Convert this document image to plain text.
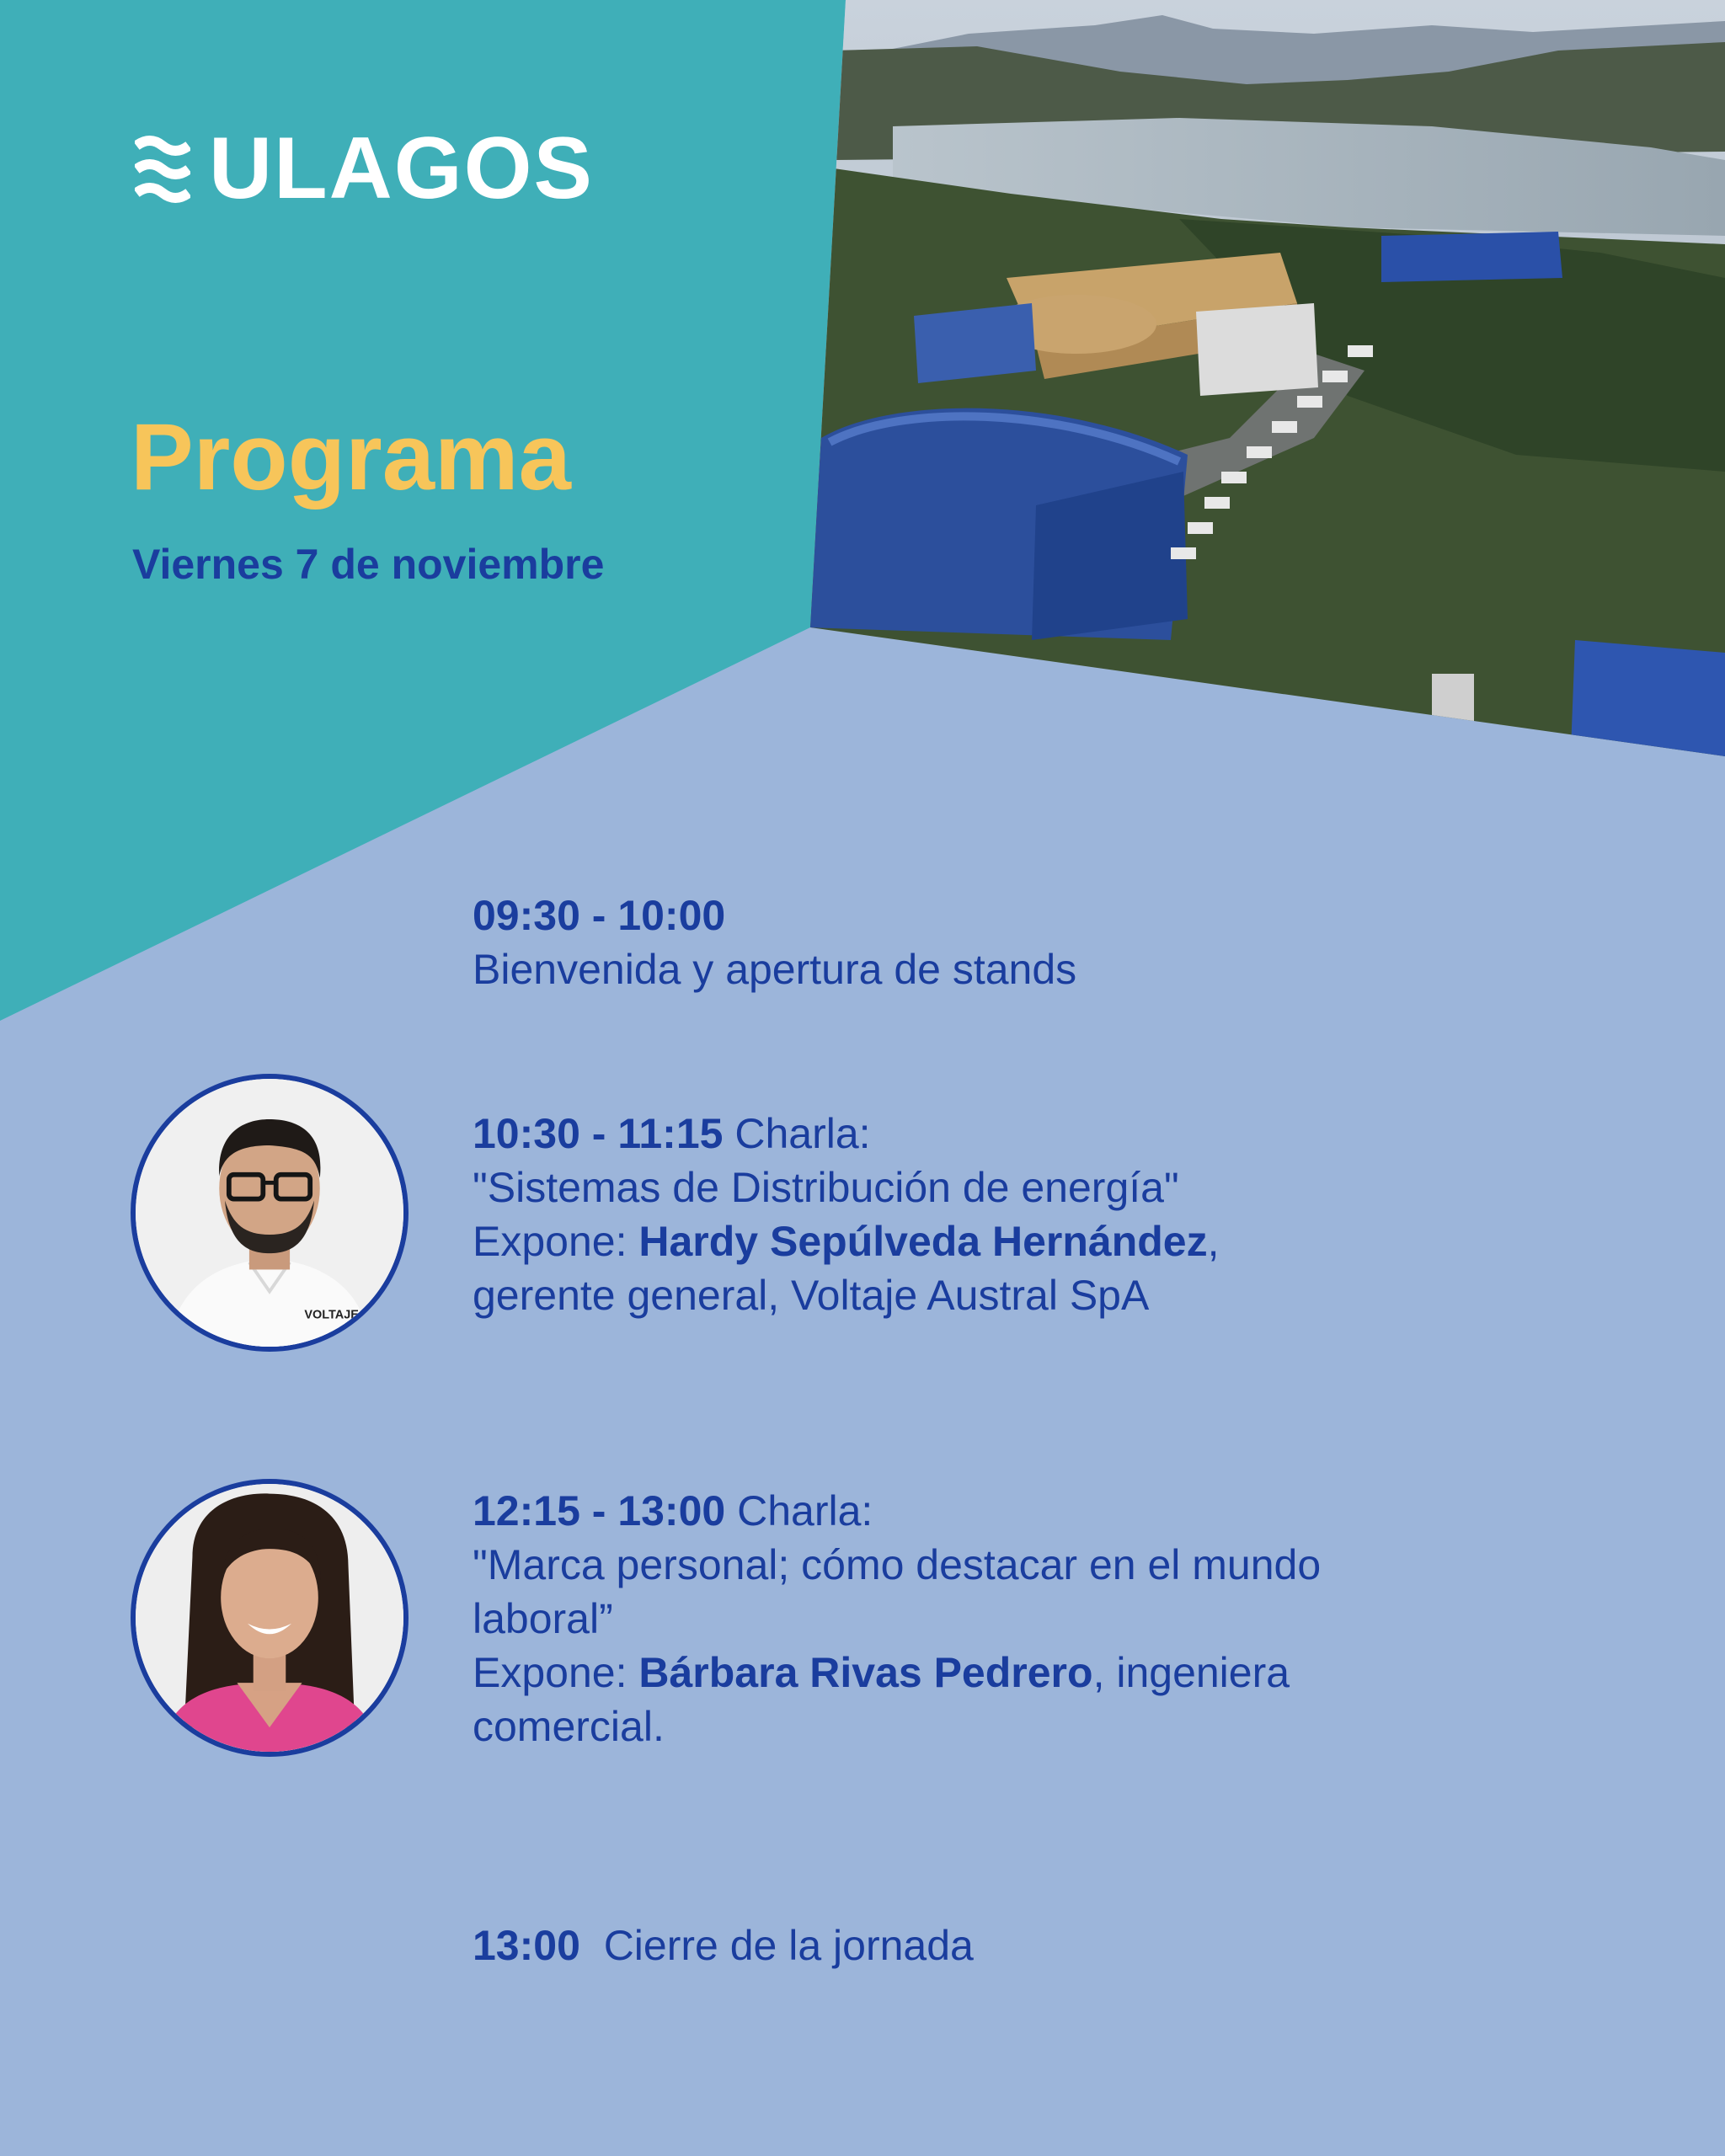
ULAGOS
Programa
Viernes 7 de noviembre
09:30 - 10:00
Bienvenida y apertura de stands
VOLTAJE
10:30 - 11:15 Charla:
"Sistemas de Distribución de energía"
Expone: Hardy Sepúlveda Hernández,
gerente general, Voltaje Austral SpA
12:15 - 13:00 Charla:
"Marca personal; cómo destacar en el mundo
laboral”
Expone: Bárbara Rivas Pedrero, ingeniera
comercial.
13:00 Cierre de la jornada
